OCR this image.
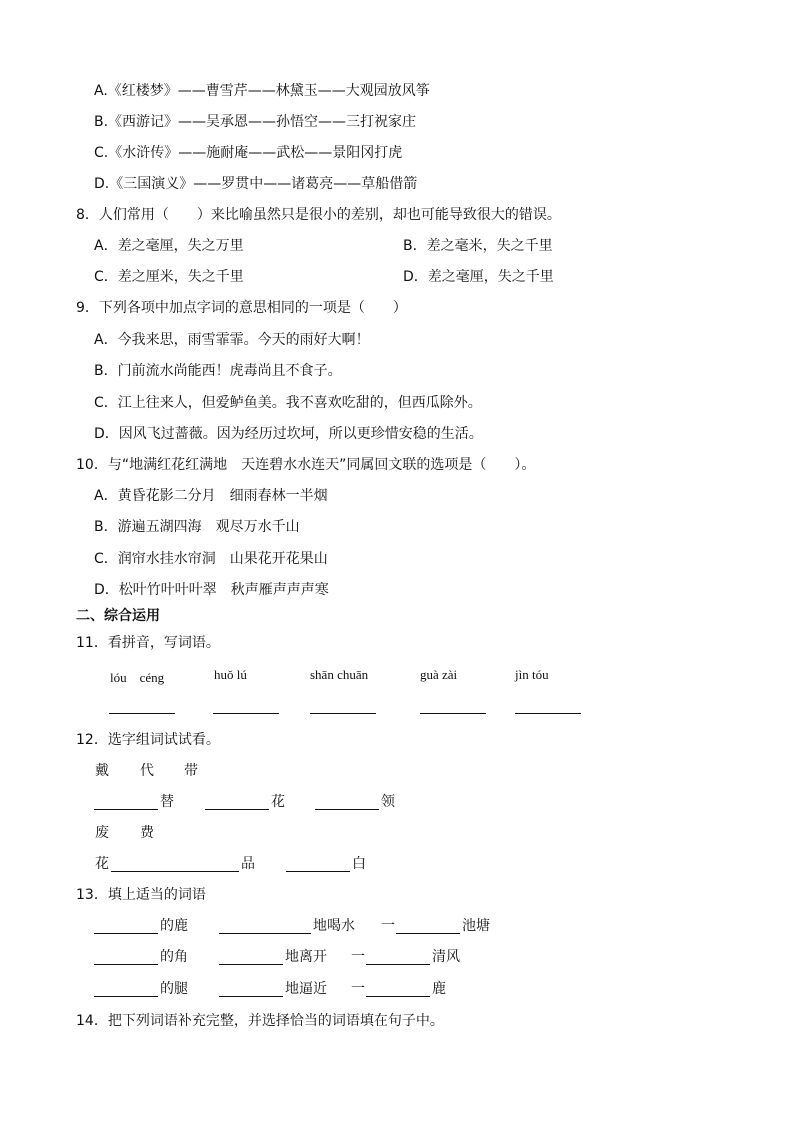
A.《红楼梦》——曹雪芹——林黛玉——大观园放风筝
B.《西游记》——吴承恩——孙悟空——三打祝家庄
C.《水浒传》——施耐庵——武松——景阳冈打虎
D.《三国演义》——罗贯中——诸葛亮——草船借箭
8．人们常用（　　）来比喻虽然只是很小的差别，却也可能导致很大的错误。
A．差之毫厘，失之万里	B．差之毫米，失之千里
C．差之厘米，失之千里	D．差之毫厘，失之千里
9．下列各项中加点字词的意思相同的一项是（　　）
A．今我来思，雨雪霏霏。今天的雨好大啊！
B．门前流水尚能西！虎毒尚且不食子。
C．江上往来人，但爱鲈鱼美。我不喜欢吃甜的，但西瓜除外。
D．因风飞过蔷薇。因为经历过坎坷，所以更珍惜安稳的生活。
10．与“地满红花红满地　天连碧水水连天”同属回文联的选项是（　　）。
A．黄昏花影二分月　细雨春林一半烟
B．游遍五湖四海　观尽万水千山
C．润帘水挂水帘洞　山果花开花果山
D．松叶竹叶叶叶翠　秋声雁声声声寒
二、综合运用
11．看拼音，写词语。
lóu　céng	huǒ lú	shān chuān	guà zài	jìn tóu
12．选字组词试试看。
戴 代 带
替	花	领
废 费
花	品	白
13．填上适当的词语
的鹿	地喝水 一	池塘
的角	地离开 一	清风
的腿	地逼近 一	鹿
14．把下列词语补充完整，并选择恰当的词语填在句子中。
